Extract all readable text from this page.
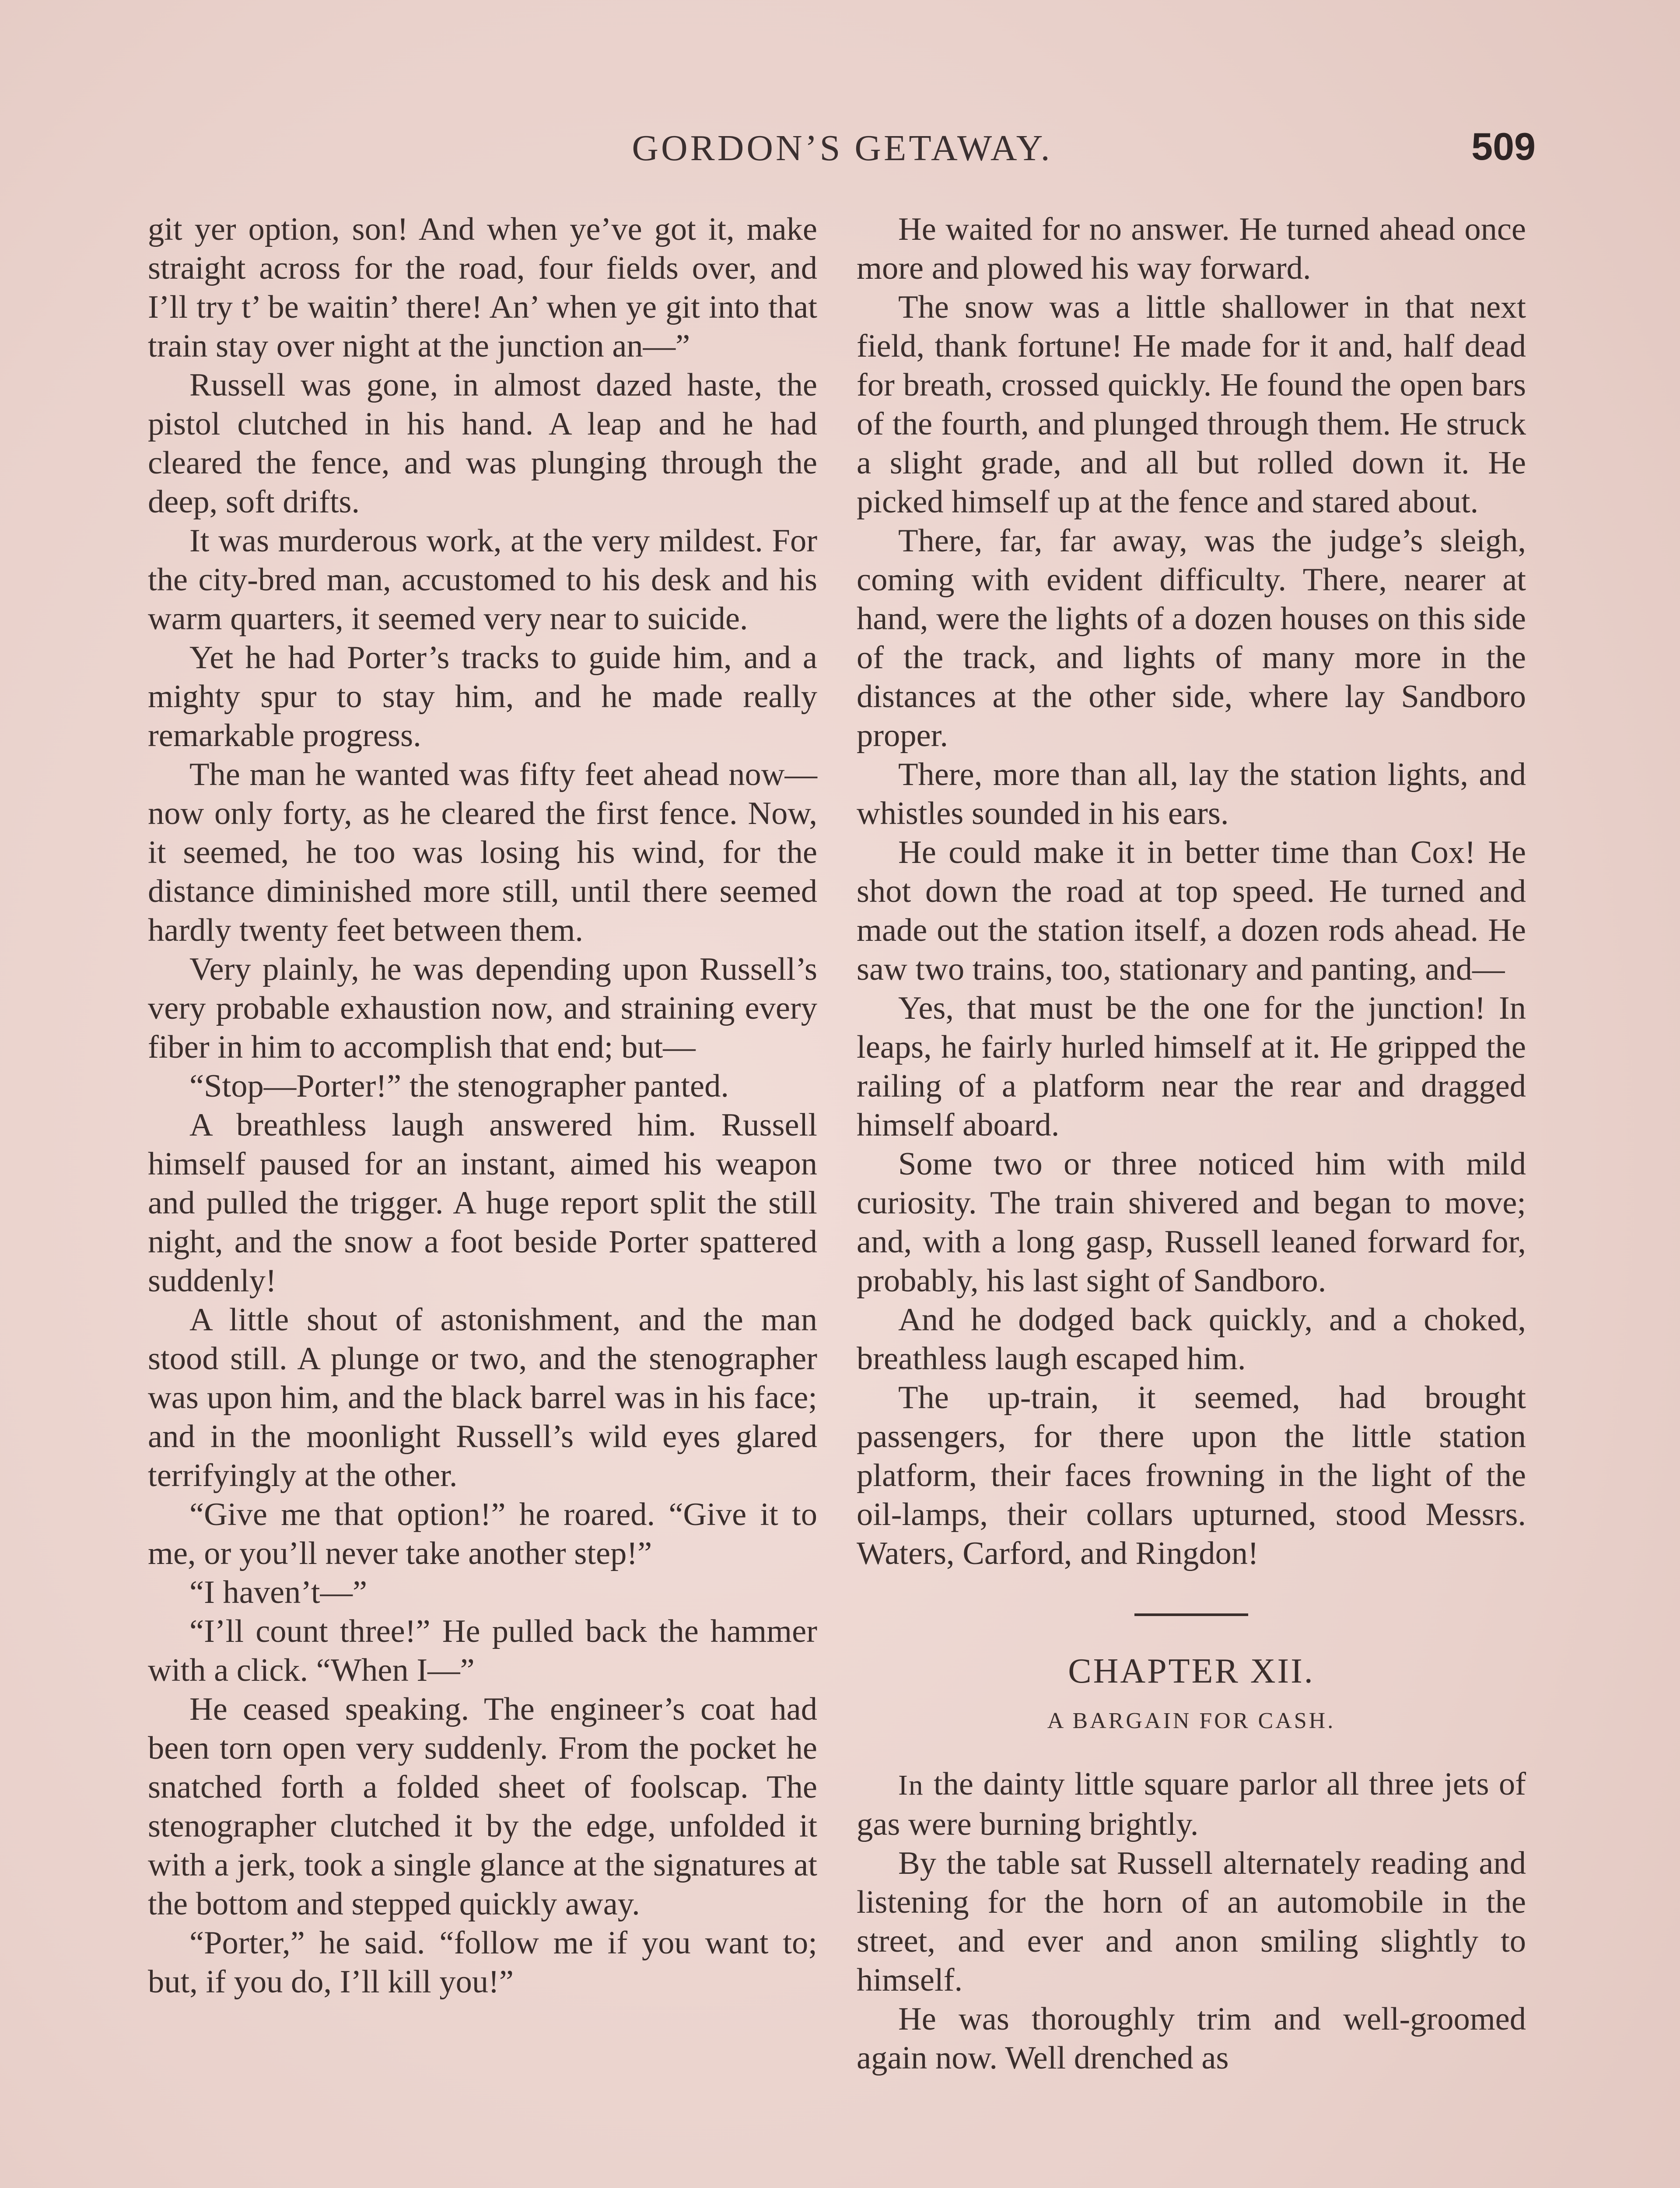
GORDON’S GETAWAY.	509

git yer option, son! And when ye’ve got it, make straight across for the road, four fields over, and I’ll try t’ be waitin’ there! An’ when ye git into that train stay over night at the junction an—”

Russell was gone, in almost dazed haste, the pistol clutched in his hand. A leap and he had cleared the fence, and was plunging through the deep, soft drifts.

It was murderous work, at the very mildest. For the city-bred man, accustomed to his desk and his warm quarters, it seemed very near to suicide.

Yet he had Porter’s tracks to guide him, and a mighty spur to stay him, and he made really remarkable progress.

The man he wanted was fifty feet ahead now—now only forty, as he cleared the first fence. Now, it seemed, he too was losing his wind, for the distance diminished more still, until there seemed hardly twenty feet between them.

Very plainly, he was depending upon Russell’s very probable exhaustion now, and straining every fiber in him to accomplish that end; but—

“Stop—Porter!” the stenographer panted.

A breathless laugh answered him. Russell himself paused for an instant, aimed his weapon and pulled the trigger. A huge report split the still night, and the snow a foot beside Porter spattered suddenly!

A little shout of astonishment, and the man stood still. A plunge or two, and the stenographer was upon him, and the black barrel was in his face; and in the moonlight Russell’s wild eyes glared terrifyingly at the other.

“Give me that option!” he roared. “Give it to me, or you’ll never take another step!”

“I haven’t—”

“I’ll count three!” He pulled back the hammer with a click. “When I—”

He ceased speaking. The engineer’s coat had been torn open very suddenly. From the pocket he snatched forth a folded sheet of foolscap. The stenographer clutched it by the edge, unfolded it with a jerk, took a single glance at the signatures at the bottom and stepped quickly away.

“Porter,” he said. “follow me if you want to; but, if you do, I’ll kill you!”

He waited for no answer. He turned ahead once more and plowed his way forward.

The snow was a little shallower in that next field, thank fortune! He made for it and, half dead for breath, crossed quickly. He found the open bars of the fourth, and plunged through them. He struck a slight grade, and all but rolled down it. He picked himself up at the fence and stared about.

There, far, far away, was the judge’s sleigh, coming with evident difficulty. There, nearer at hand, were the lights of a dozen houses on this side of the track, and lights of many more in the distances at the other side, where lay Sandboro proper.

There, more than all, lay the station lights, and whistles sounded in his ears.

He could make it in better time than Cox! He shot down the road at top speed. He turned and made out the station itself, a dozen rods ahead. He saw two trains, too, stationary and panting, and—

Yes, that must be the one for the junction! In leaps, he fairly hurled himself at it. He gripped the railing of a platform near the rear and dragged himself aboard.

Some two or three noticed him with mild curiosity. The train shivered and began to move; and, with a long gasp, Russell leaned forward for, probably, his last sight of Sandboro.

And he dodged back quickly, and a choked, breathless laugh escaped him.

The up-train, it seemed, had brought passengers, for there upon the little station platform, their faces frowning in the light of the oil-lamps, their collars upturned, stood Messrs. Waters, Carford, and Ringdon!

CHAPTER XII.
A BARGAIN FOR CASH.

In the dainty little square parlor all three jets of gas were burning brightly.

By the table sat Russell alternately reading and listening for the horn of an automobile in the street, and ever and anon smiling slightly to himself.

He was thoroughly trim and well-groomed again now. Well drenched as
